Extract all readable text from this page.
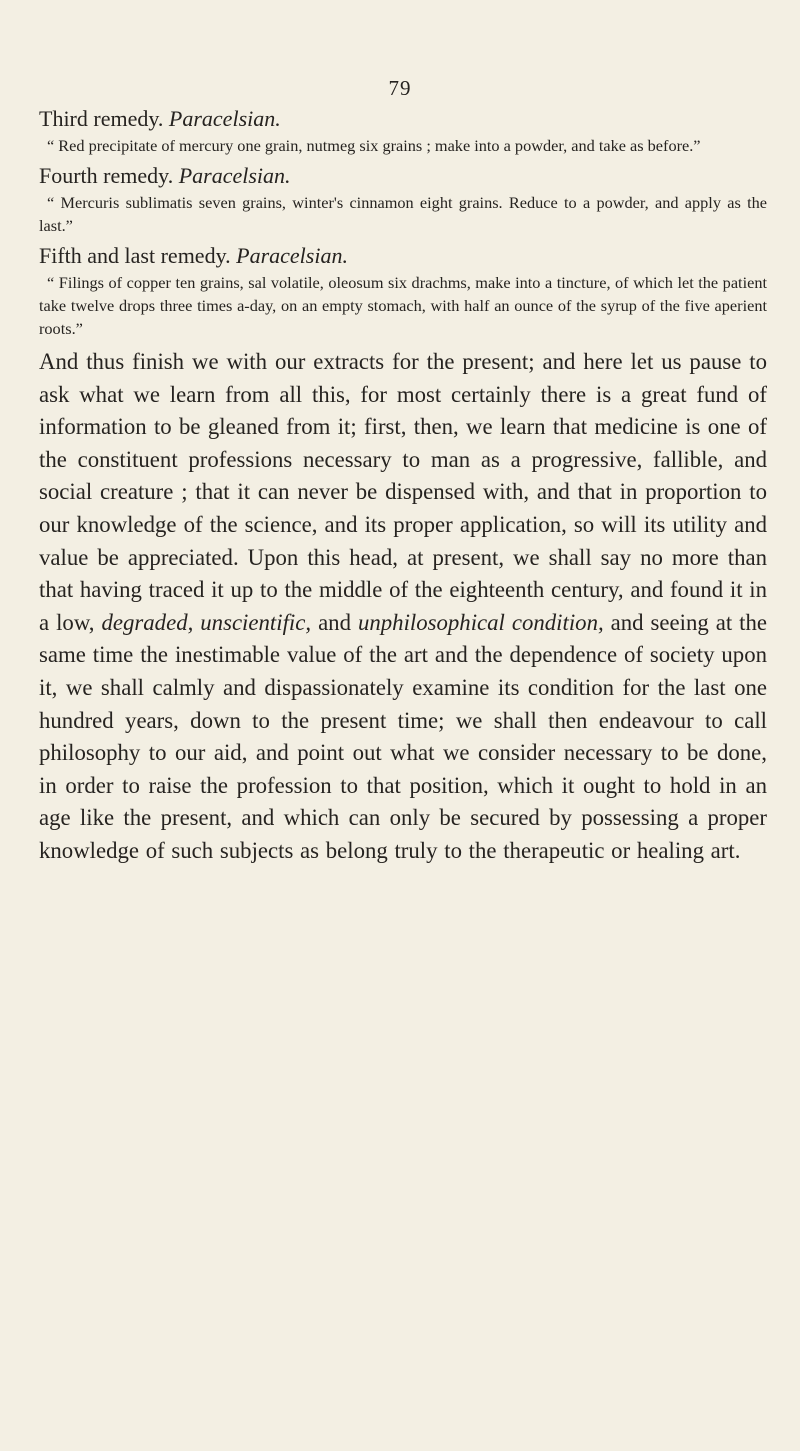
79

Third remedy. Paracelsian.

“ Red precipitate of mercury one grain, nutmeg six grains ; make into a powder, and take as before.”

Fourth remedy. Paracelsian.

“ Mercuris sublimatis seven grains, winter's cinnamon eight grains. Reduce to a powder, and apply as the last.”

Fifth and last remedy. Paracelsian.

“ Filings of copper ten grains, sal volatile, oleosum six drachms, make into a tincture, of which let the patient take twelve drops three times a-day, on an empty stomach, with half an ounce of the syrup of the five aperient roots.”

And thus finish we with our extracts for the present; and here let us pause to ask what we learn from all this, for most certainly there is a great fund of information to be gleaned from it; first, then, we learn that medicine is one of the constituent professions necessary to man as a progressive, fallible, and social creature ; that it can never be dispensed with, and that in proportion to our knowledge of the science, and its proper application, so will its utility and value be appreciated. Upon this head, at present, we shall say no more than that having traced it up to the middle of the eighteenth century, and found it in a low, degraded, unscientific, and unphilosophical condition, and seeing at the same time the inestimable value of the art and the dependence of society upon it, we shall calmly and dispassionately examine its condition for the last one hundred years, down to the present time; we shall then endeavour to call philosophy to our aid, and point out what we consider necessary to be done, in order to raise the profession to that position, which it ought to hold in an age like the present, and which can only be secured by possessing a proper knowledge of such subjects as belong truly to the therapeutic or healing art.
